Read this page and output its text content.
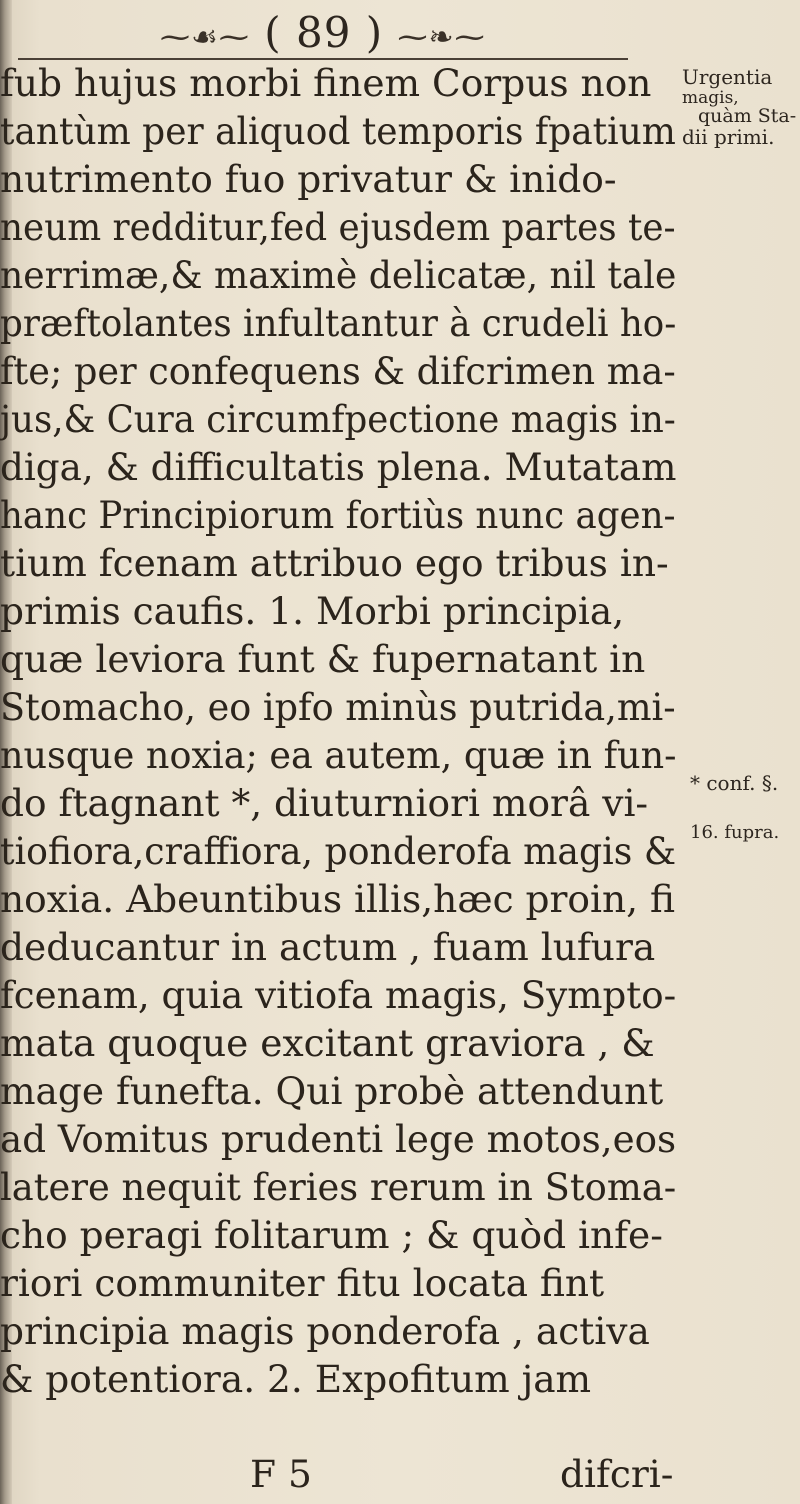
⁓☙⁓ ( 89 ) ⁓❧⁓
fub hujus morbi finem Corpus non
tantùm per aliquod temporis fpatium
nutrimento fuo privatur & inido-
neum redditur,fed ejusdem partes te-
nerrimæ,& maximè delicatæ, nil tale
præftolantes infultantur à crudeli ho-
fte; per confequens & difcrimen ma-
jus,& Cura circumfpectione magis in-
diga, & difficultatis plena. Mutatam
hanc Principiorum fortiùs nunc agen-
tium fcenam attribuo ego tribus in-
primis caufis. 1. Morbi principia,
quæ leviora funt & fupernatant in
Stomacho, eo ipfo minùs putrida,mi-
nusque noxia; ea autem, quæ in fun-
do ftagnant *, diuturniori morâ vi-
tiofiora,craffiora, ponderofa magis &
noxia. Abeuntibus illis,hæc proin, fi
deducantur in actum , fuam lufura
fcenam, quia vitiofa magis, Sympto-
mata quoque excitant graviora , &
mage funefta. Qui probè attendunt
ad Vomitus prudenti lege motos,eos
latere nequit feries rerum in Stoma-
cho peragi folitarum ; & quòd infe-
riori communiter fitu locata fint
principia magis ponderofa , activa
& potentiora. 2. Expofitum jam
F 5	difcri-
Urgentia
magis,
quàm Sta-
dii primi.
* conf. §.
16. fupra.
